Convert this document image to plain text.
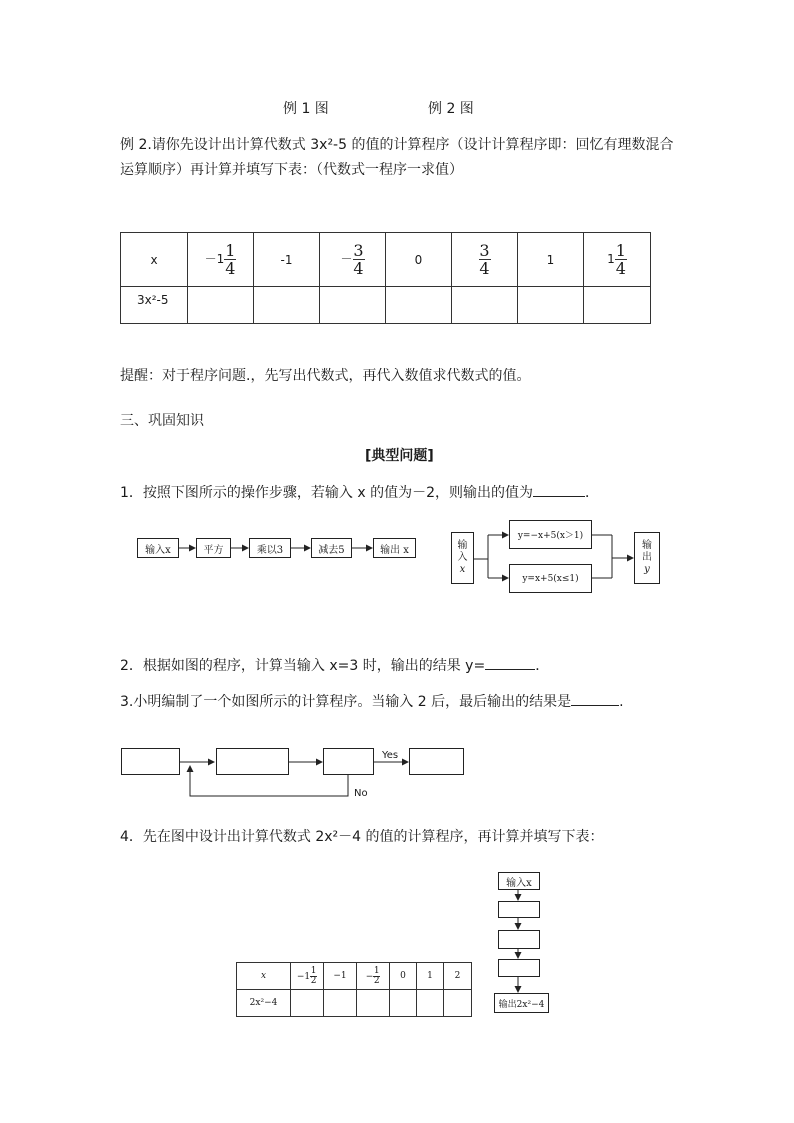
例 1 图	例 2 图
例 2.请你先设计出计算代数式 3x²-5 的值的计算程序（设计计算程序即：回忆有理数混合
运算顺序）再计算并填写下表：（代数式一程序一求值）
x	$-1 \frac{1}{4}$	-1	－ $\frac{3}{4}$	0	$\frac{3}{4}$	1	$1 \frac{1}{4}$

3x²-5							
提醒：对于程序问题.，先写出代数式，再代入数值求代数式的值。
三、巩固知识
[典型问题]
1．按照下图所示的操作步骤，若输入 x 的值为－2，则输出的值为	．
输入x	平方	乘以3	减去5	输出 x	输
入
x
y=−x+5(x＞1)
y=x+5(x≤1)
输
出
y
2．根据如图的程序，计算当输入 x=3 时，输出的结果 y=	．
3.小明编制了一个如图所示的计算程序。当输入 2 后，最后输出的结果是	.
Yes
No
4．先在图中设计出计算代数式 2x²－4 的值的计算程序，再计算并填写下表：
输入x
输出2x²−4
x	$-1 \frac{1}{2}$	−1	− $\frac{1}{2}$	0	1	2
2x²−4						
